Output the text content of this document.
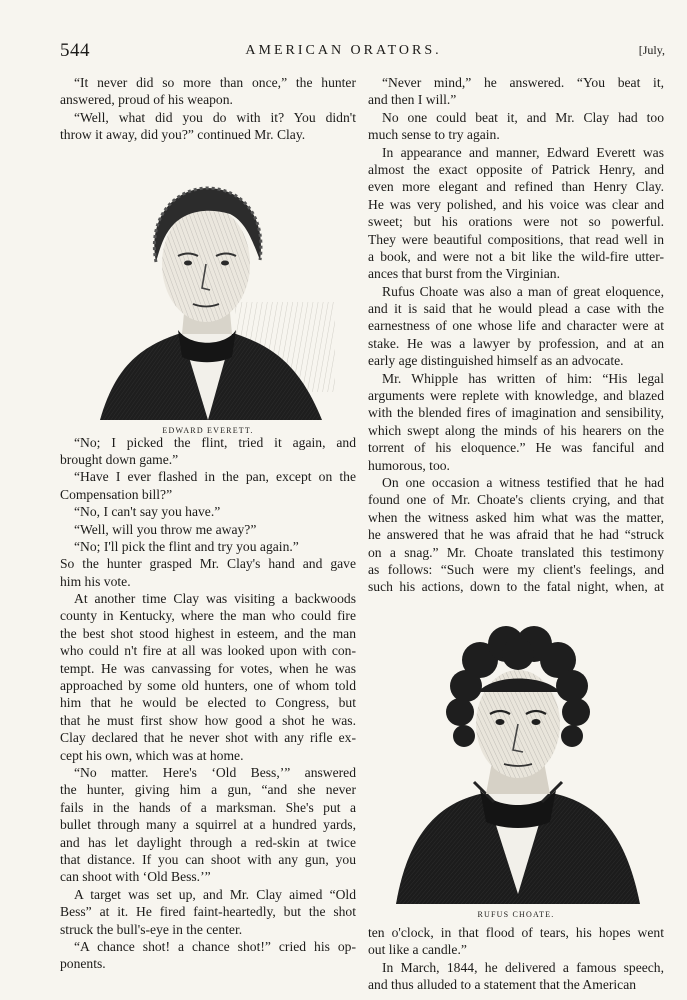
544	AMERICAN ORATORS.	[July,
“It never did so more than once,” the hunter
answered, proud of his weapon.
“Well, what did you do with it? You didn't
throw it away, did you?” continued Mr. Clay.
EDWARD EVERETT.
“No; I picked the flint, tried it again, and
brought down game.”
“Have I ever flashed in the pan, except on the
Compensation bill?”
“No, I can't say you have.”
“Well, will you throw me away?”
“No; I'll pick the flint and try you again.”
So the hunter grasped Mr. Clay's hand and gave
him his vote.
At another time Clay was visiting a backwoods
county in Kentucky, where the man who could fire
the best shot stood highest in esteem, and the man
who could n't fire at all was looked upon with con-
tempt. He was canvassing for votes, when he was
approached by some old hunters, one of whom told
him that he would be elected to Congress, but
that he must first show how good a shot he was.
Clay declared that he never shot with any rifle ex-
cept his own, which was at home.
“No matter. Here's ‘Old Bess,’” answered
the hunter, giving him a gun, “and she never
fails in the hands of a marksman. She's put a
bullet through many a squirrel at a hundred yards,
and has let daylight through a red-skin at twice
that distance. If you can shoot with any gun, you
can shoot with ‘Old Bess.’”
A target was set up, and Mr. Clay aimed “Old
Bess” at it. He fired faint-heartedly, but the shot
struck the bull's-eye in the center.
“A chance shot! a chance shot!” cried his op-
ponents.
“Never mind,” he answered. “You beat it,
and then I will.”
No one could beat it, and Mr. Clay had too
much sense to try again.
In appearance and manner, Edward Everett was
almost the exact opposite of Patrick Henry, and
even more elegant and refined than Henry Clay.
He was very polished, and his voice was clear and
sweet; but his orations were not so powerful.
They were beautiful compositions, that read well in
a book, and were not a bit like the wild-fire utter-
ances that burst from the Virginian.
Rufus Choate was also a man of great eloquence,
and it is said that he would plead a case with the
earnestness of one whose life and character were at
stake. He was a lawyer by profession, and at an
early age distinguished himself as an advocate.
Mr. Whipple has written of him: “His legal
arguments were replete with knowledge, and blazed
with the blended fires of imagination and sensibility,
which swept along the minds of his hearers on the
torrent of his eloquence.” He was fanciful and
humorous, too.
On one occasion a witness testified that he had
found one of Mr. Choate's clients crying, and that
when the witness asked him what was the matter,
he answered that he was afraid that he had “struck
on a snag.” Mr. Choate translated this testimony
as follows: “Such were my client's feelings, and
such his actions, down to the fatal night, when, at
RUFUS CHOATE.
ten o'clock, in that flood of tears, his hopes went
out like a candle.”
In March, 1844, he delivered a famous speech,
and thus alluded to a statement that the American
